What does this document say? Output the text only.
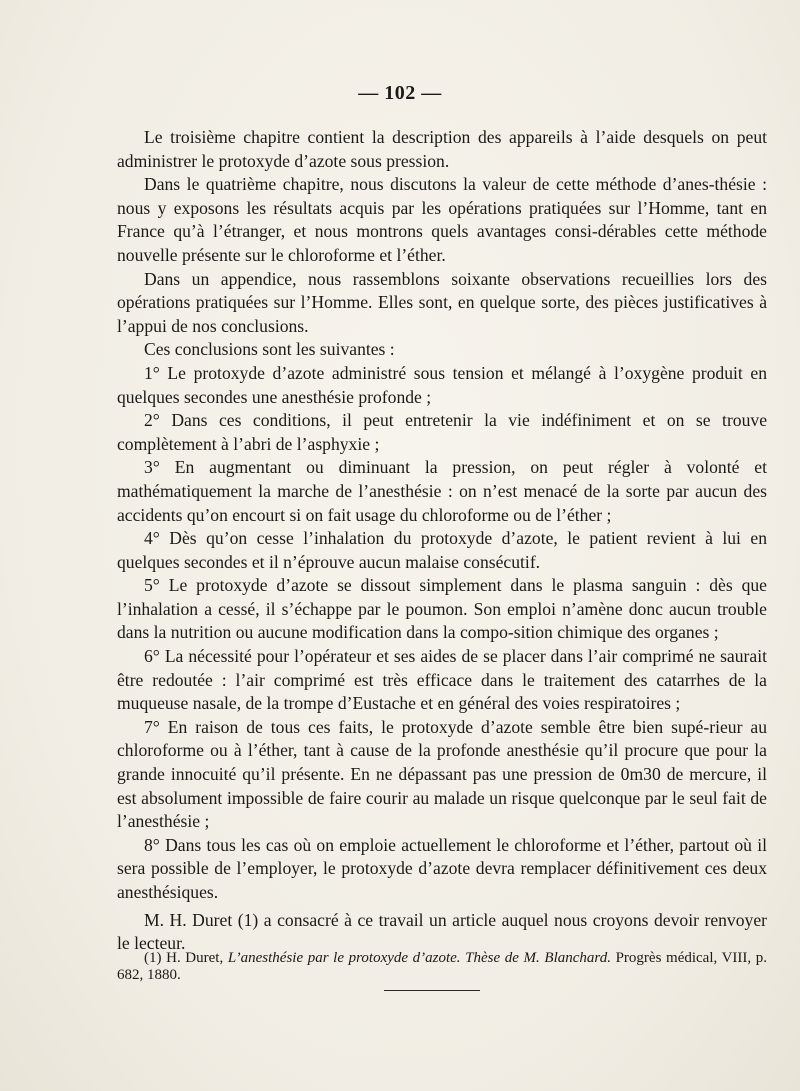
— 102 —

Le troisième chapitre contient la description des appareils à l’aide desquels on peut administrer le protoxyde d’azote sous pression.

Dans le quatrième chapitre, nous discutons la valeur de cette méthode d’anes-thésie : nous y exposons les résultats acquis par les opérations pratiquées sur l’Homme, tant en France qu’à l’étranger, et nous montrons quels avantages consi-dérables cette méthode nouvelle présente sur le chloroforme et l’éther.

Dans un appendice, nous rassemblons soixante observations recueillies lors des opérations pratiquées sur l’Homme. Elles sont, en quelque sorte, des pièces justificatives à l’appui de nos conclusions.

Ces conclusions sont les suivantes :

1° Le protoxyde d’azote administré sous tension et mélangé à l’oxygène produit en quelques secondes une anesthésie profonde ;

2° Dans ces conditions, il peut entretenir la vie indéfiniment et on se trouve complètement à l’abri de l’asphyxie ;

3° En augmentant ou diminuant la pression, on peut régler à volonté et mathématiquement la marche de l’anesthésie : on n’est menacé de la sorte par aucun des accidents qu’on encourt si on fait usage du chloroforme ou de l’éther ;

4° Dès qu’on cesse l’inhalation du protoxyde d’azote, le patient revient à lui en quelques secondes et il n’éprouve aucun malaise consécutif.

5° Le protoxyde d’azote se dissout simplement dans le plasma sanguin : dès que l’inhalation a cessé, il s’échappe par le poumon. Son emploi n’amène donc aucun trouble dans la nutrition ou aucune modification dans la compo-sition chimique des organes ;

6° La nécessité pour l’opérateur et ses aides de se placer dans l’air comprimé ne saurait être redoutée : l’air comprimé est très efficace dans le traitement des catarrhes de la muqueuse nasale, de la trompe d’Eustache et en général des voies respiratoires ;

7° En raison de tous ces faits, le protoxyde d’azote semble être bien supé-rieur au chloroforme ou à l’éther, tant à cause de la profonde anesthésie qu’il procure que pour la grande innocuité qu’il présente. En ne dépassant pas une pression de 0m30 de mercure, il est absolument impossible de faire courir au malade un risque quelconque par le seul fait de l’anesthésie ;

8° Dans tous les cas où on emploie actuellement le chloroforme et l’éther, partout où il sera possible de l’employer, le protoxyde d’azote devra remplacer définitivement ces deux anesthésiques.

M. H. Duret (1) a consacré à ce travail un article auquel nous croyons devoir renvoyer le lecteur.

(1) H. Duret, L’anesthésie par le protoxyde d’azote. Thèse de M. Blanchard. Progrès médical, VIII, p. 682, 1880.
